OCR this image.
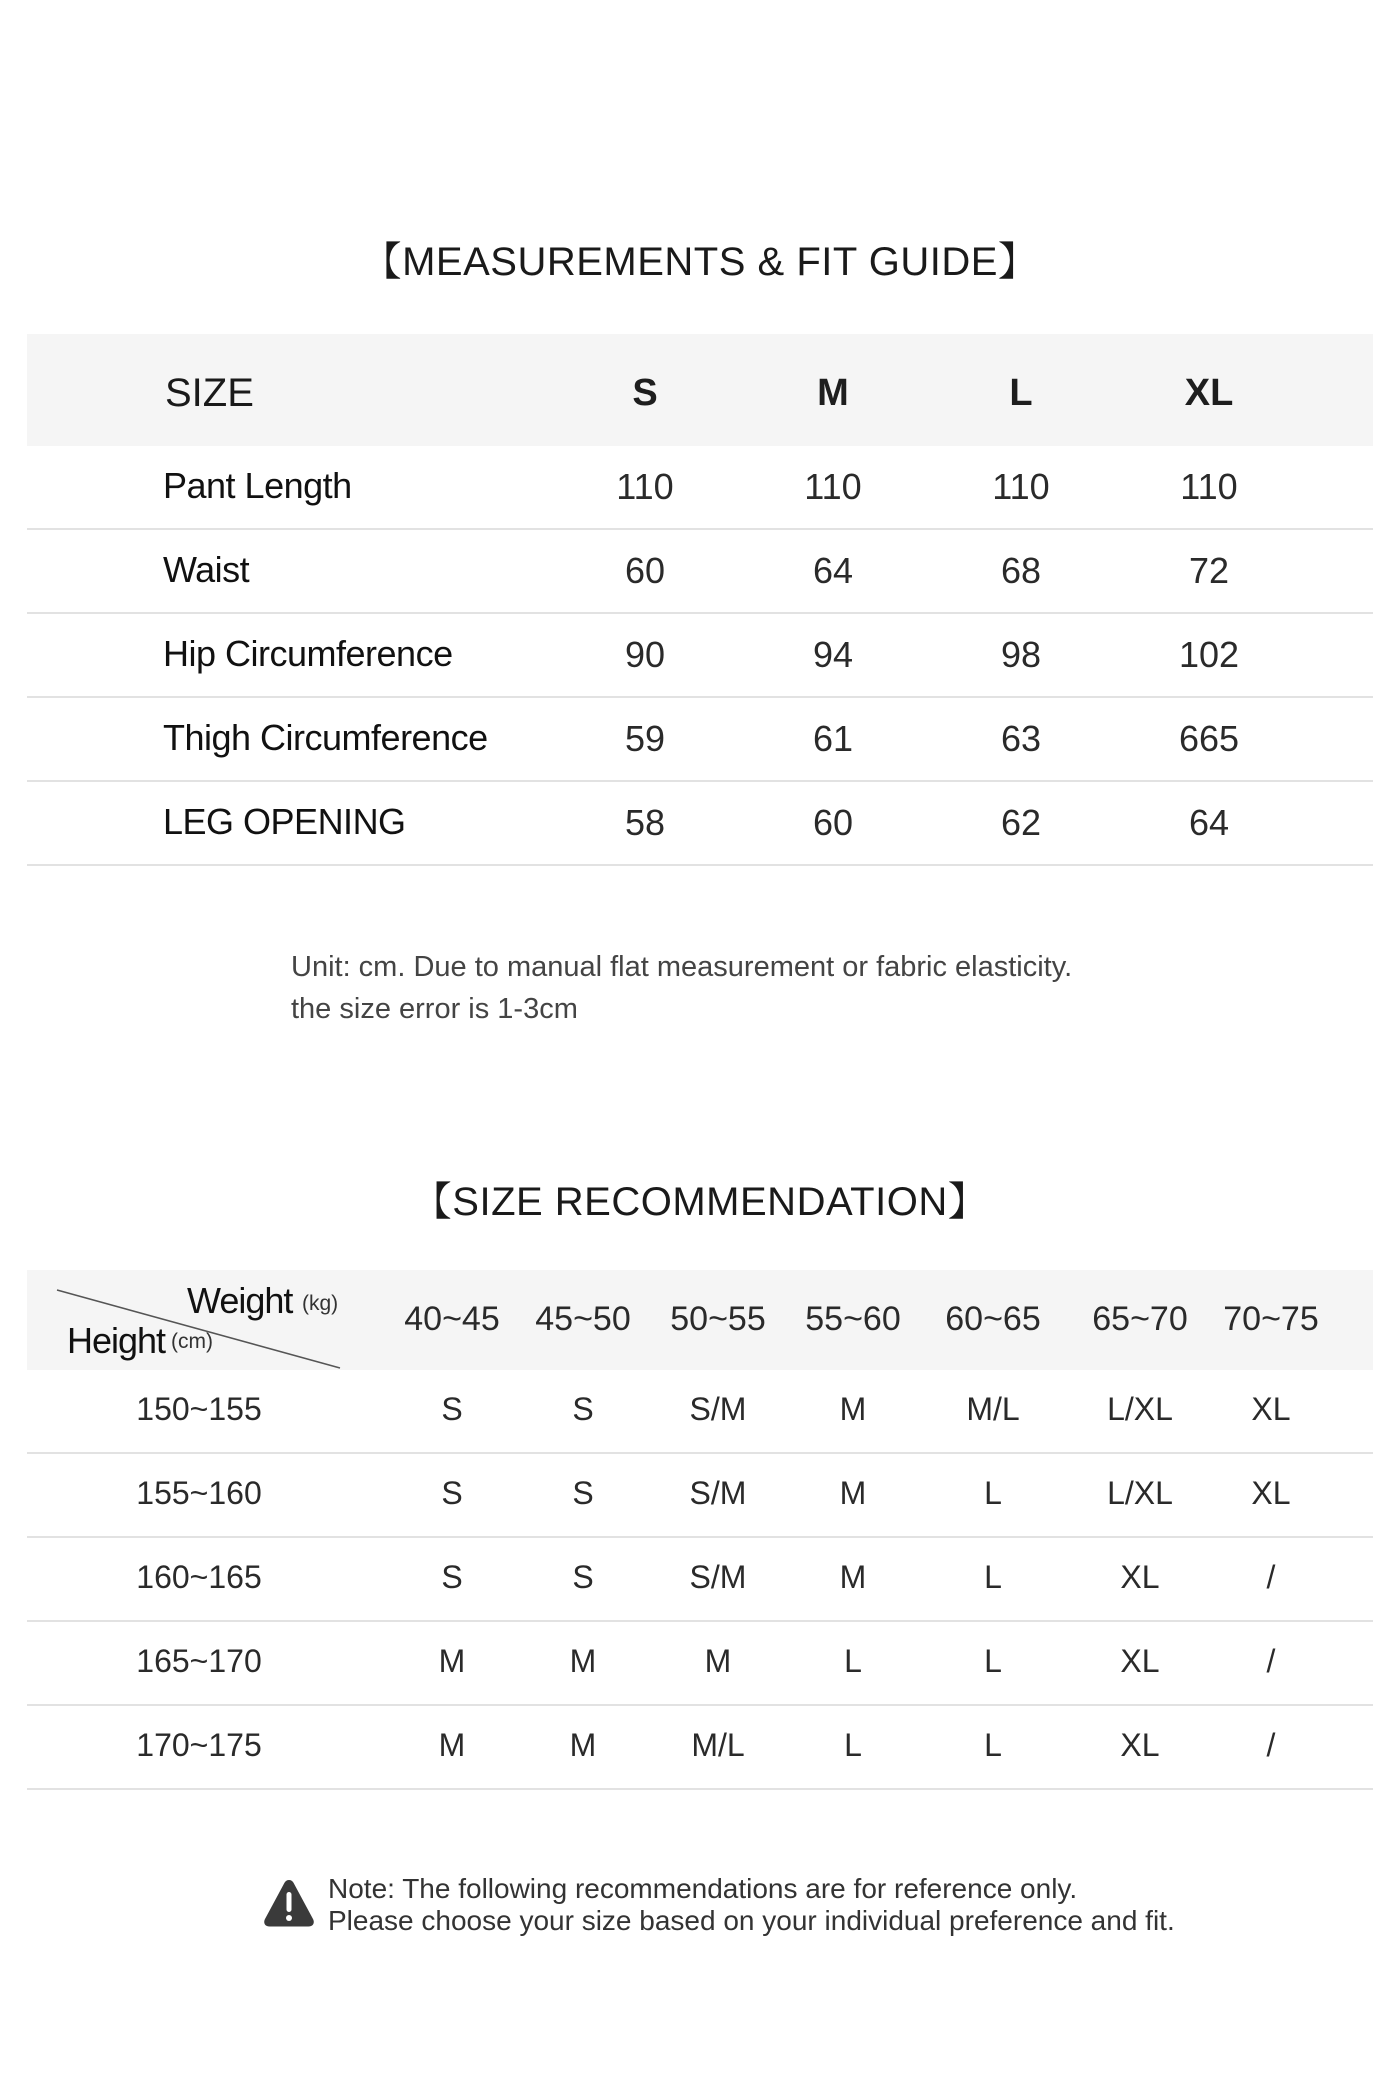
【MEASUREMENTS & FIT GUIDE】
SIZE	S	M	L	XL
Pant Length	110	110	110	110
Waist	60	64	68	72
Hip Circumference	90	94	98	102
Thigh Circumference	59	61	63	665
LEG OPENING	58	60	62	64
Unit: cm. Due to manual flat measurement or fabric elasticity.
the size error is 1-3cm
【SIZE RECOMMENDATION】
Weight (kg)
Height (cm)
40~45	45~50	50~55	55~60	60~65	65~70	70~75
150~155	S	S	S/M	M	M/L	L/XL	XL
155~160	S	S	S/M	M	L	L/XL	XL
160~165	S	S	S/M	M	L	XL	/
165~170	M	M	M	L	L	XL	/
170~175	M	M	M/L	L	L	XL	/
Note: The following recommendations are for reference only.
Please choose your size based on your individual preference and fit.
